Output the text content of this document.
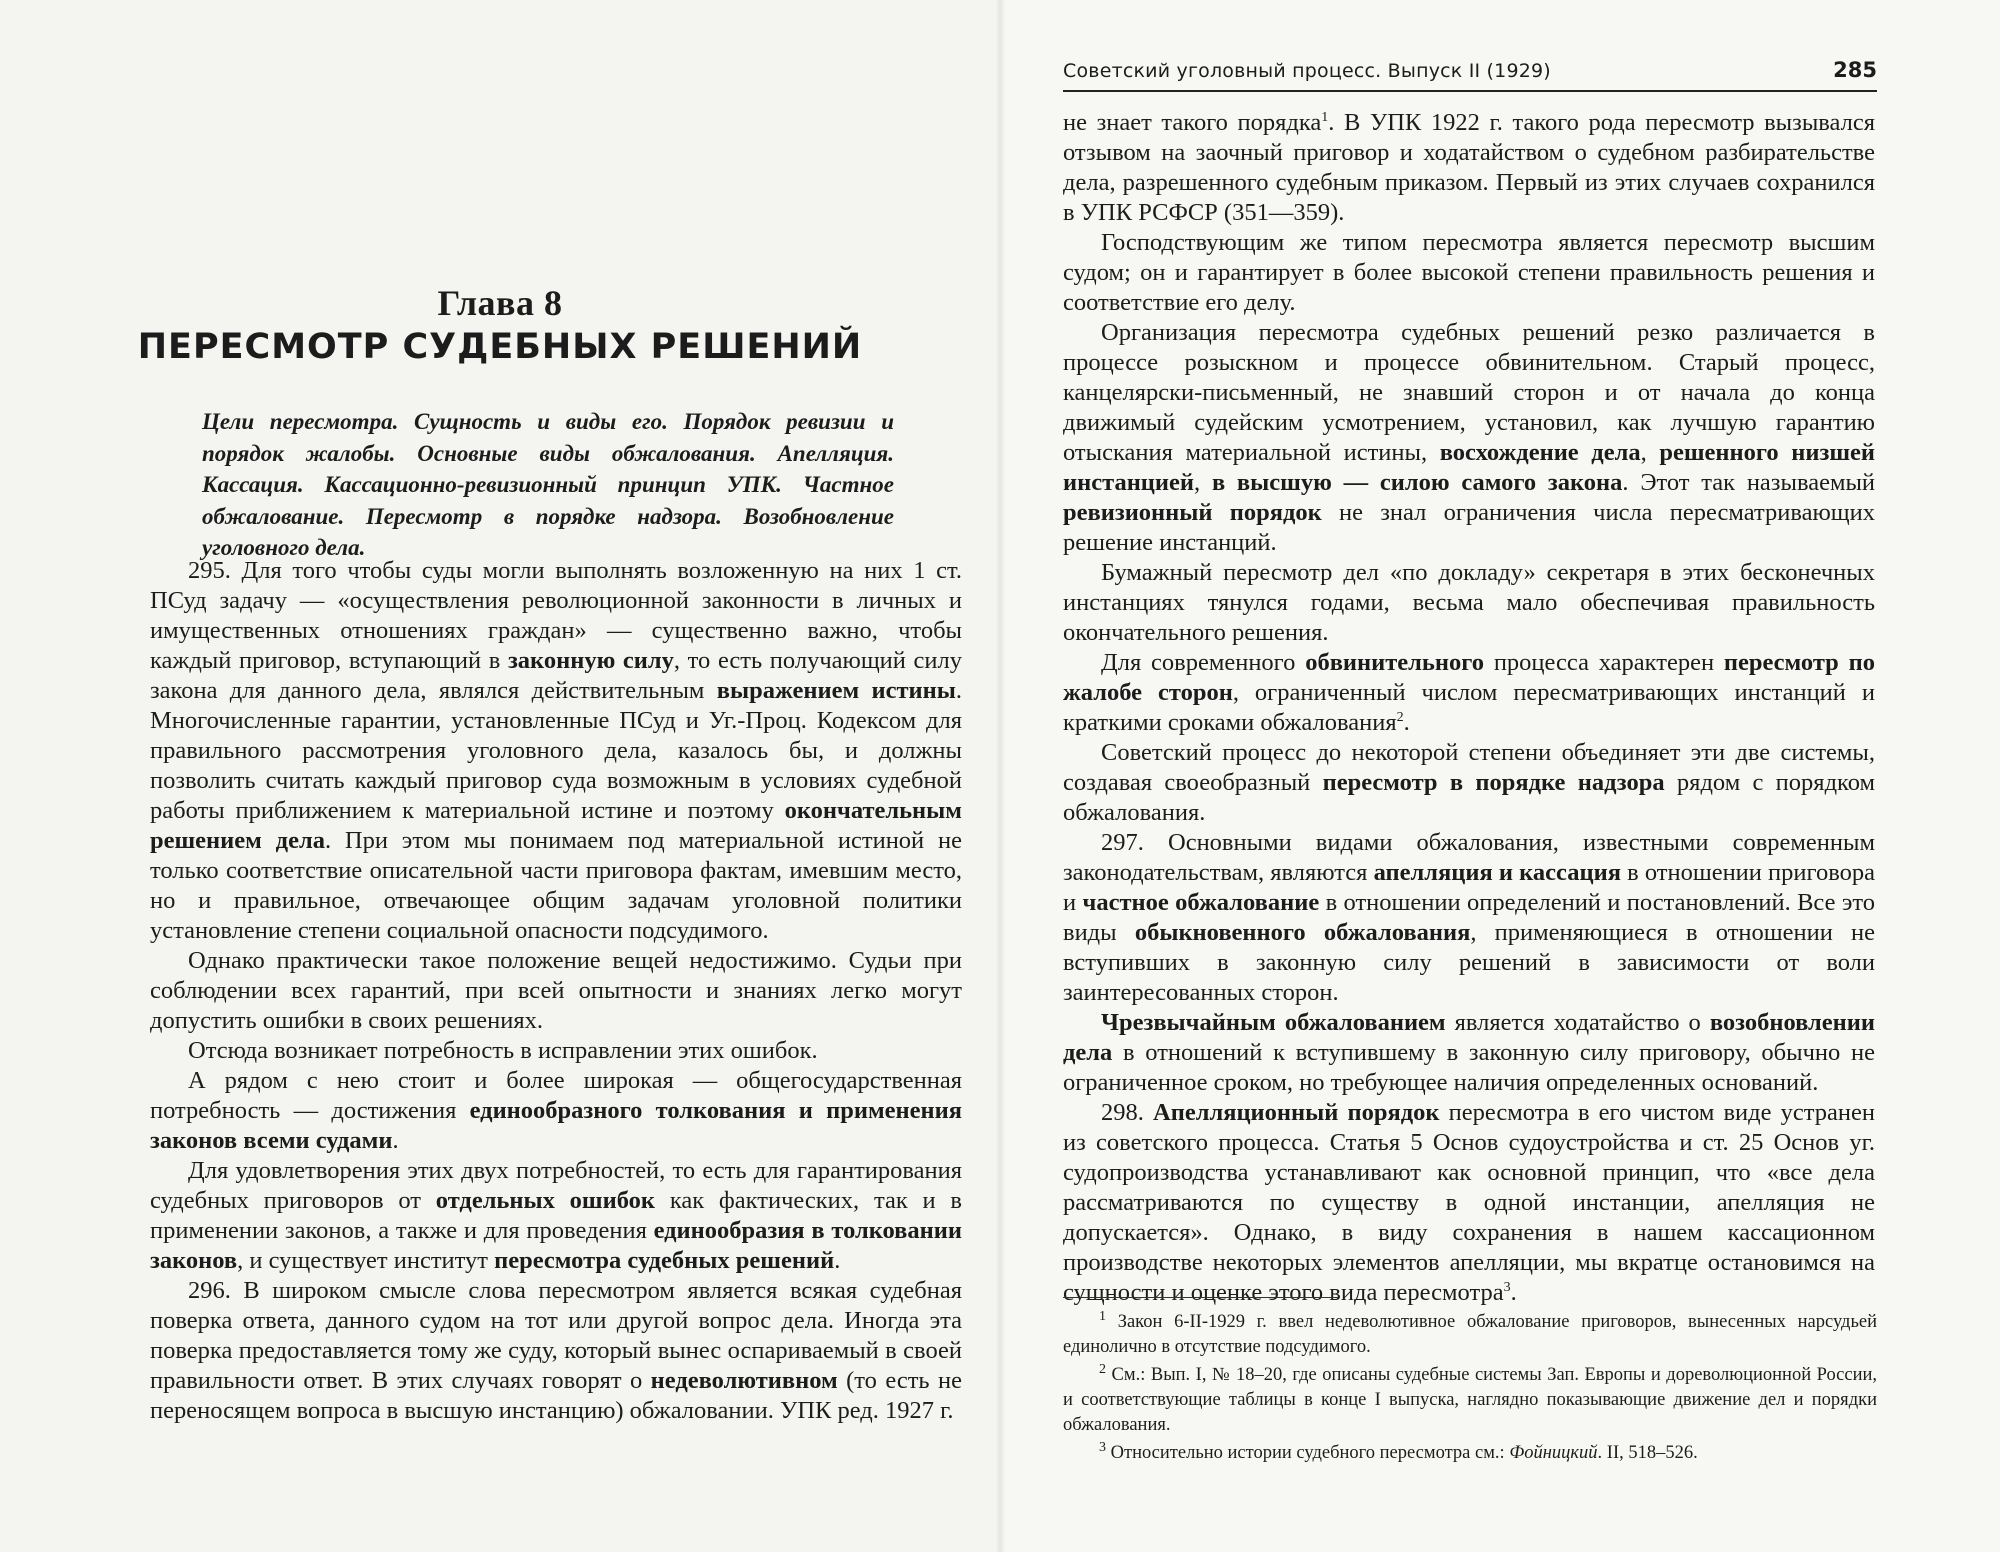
Глава 8
ПЕРЕСМОТР СУДЕБНЫХ РЕШЕНИЙ
Цели пересмотра. Сущность и виды его. Порядок ревизии и порядок жалобы. Основные виды обжалования. Апелляция. Кассация. Кассационно-ревизионный принцип УПК. Частное обжалование. Пересмотр в порядке надзора. Возобновление уголовного дела.

295. Для того чтобы суды могли выполнять возложенную на них 1 ст. ПСуд задачу — «осуществления революционной законности в личных и имущественных отношениях граждан» — существенно важно, чтобы каждый приговор, вступающий в законную силу, то есть получающий силу закона для данного дела, являлся действительным выражением истины. Многочисленные гарантии, установленные ПСуд и Уг.-Проц. Кодексом для правильного рассмотрения уголовного дела, казалось бы, и должны позволить считать каждый приговор суда возможным в условиях судебной работы приближением к материальной истине и поэтому окончательным решением дела. При этом мы понимаем под материальной истиной не только соответствие описательной части приговора фактам, имевшим место, но и правильное, отвечающее общим задачам уголовной политики установление степени социальной опасности подсудимого.

Однако практически такое положение вещей недостижимо. Судьи при соблюдении всех гарантий, при всей опытности и знаниях легко могут допустить ошибки в своих решениях.

Отсюда возникает потребность в исправлении этих ошибок.

А рядом с нею стоит и более широкая — общегосударственная потребность — достижения единообразного толкования и применения законов всеми судами.

Для удовлетворения этих двух потребностей, то есть для гарантирования судебных приговоров от отдельных ошибок как фактических, так и в применении законов, а также и для проведения единообразия в толковании законов, и существует институт пересмотра судебных решений.

296. В широком смысле слова пересмотром является всякая судебная поверка ответа, данного судом на тот или другой вопрос дела. Иногда эта поверка предоставляется тому же суду, который вынес оспариваемый в своей правильности ответ. В этих случаях говорят о недеволютивном (то есть не переносящем вопроса в высшую инстанцию) обжаловании. УПК ред. 1927 г.

Советский уголовный процесс. Выпуск II (1929)	285

не знает такого порядка$^1$. В УПК 1922 г. такого рода пересмотр вызывался отзывом на заочный приговор и ходатайством о судебном разбирательстве дела, разрешенного судебным приказом. Первый из этих случаев сохранился в УПК РСФСР (351—359).

Господствующим же типом пересмотра является пересмотр высшим судом; он и гарантирует в более высокой степени правильность решения и соответствие его делу.

Организация пересмотра судебных решений резко различается в процессе розыскном и процессе обвинительном. Старый процесс, канцелярски-письменный, не знавший сторон и от начала до конца движимый судейским усмотрением, установил, как лучшую гарантию отыскания материальной истины, восхождение дела, решенного низшей инстанцией, в высшую — силою самого закона. Этот так называемый ревизионный порядок не знал ограничения числа пересматривающих решение инстанций.

Бумажный пересмотр дел «по докладу» секретаря в этих бесконечных инстанциях тянулся годами, весьма мало обеспечивая правильность окончательного решения.

Для современного обвинительного процесса характерен пересмотр по жалобе сторон, ограниченный числом пересматривающих инстанций и краткими сроками обжалования$^2$.

Советский процесс до некоторой степени объединяет эти две системы, создавая своеобразный пересмотр в порядке надзора рядом с порядком обжалования.

297. Основными видами обжалования, известными современным законодательствам, являются апелляция и кассация в отношении приговора и частное обжалование в отношении определений и постановлений. Все это виды обыкновенного обжалования, применяющиеся в отношении не вступивших в законную силу решений в зависимости от воли заинтересованных сторон.

Чрезвычайным обжалованием является ходатайство о возобновлении дела в отношений к вступившему в законную силу приговору, обычно не ограниченное сроком, но требующее наличия определенных оснований.

298. Апелляционный порядок пересмотра в его чистом виде устранен из советского процесса. Статья 5 Основ судоустройства и ст. 25 Основ уг. судопроизводства устанавливают как основной принцип, что «все дела рассматриваются по существу в одной инстанции, апелляция не допускается». Однако, в виду сохранения в нашем кассационном производстве некоторых элементов апелляции, мы вкратце остановимся на сущности и оценке этого вида пересмотра$^3$.

$^1$ Закон 6-II-1929 г. ввел недеволютивное обжалование приговоров, вынесенных нарсудьей единолично в отсутствие подсудимого.

$^2$ См.: Вып. I, № 18–20, где описаны судебные системы Зап. Европы и дореволюционной России, и соответствующие таблицы в конце I выпуска, наглядно показывающие движение дел и порядки обжалования.

$^3$ Относительно истории судебного пересмотра см.: Фойницкий. II, 518–526.
